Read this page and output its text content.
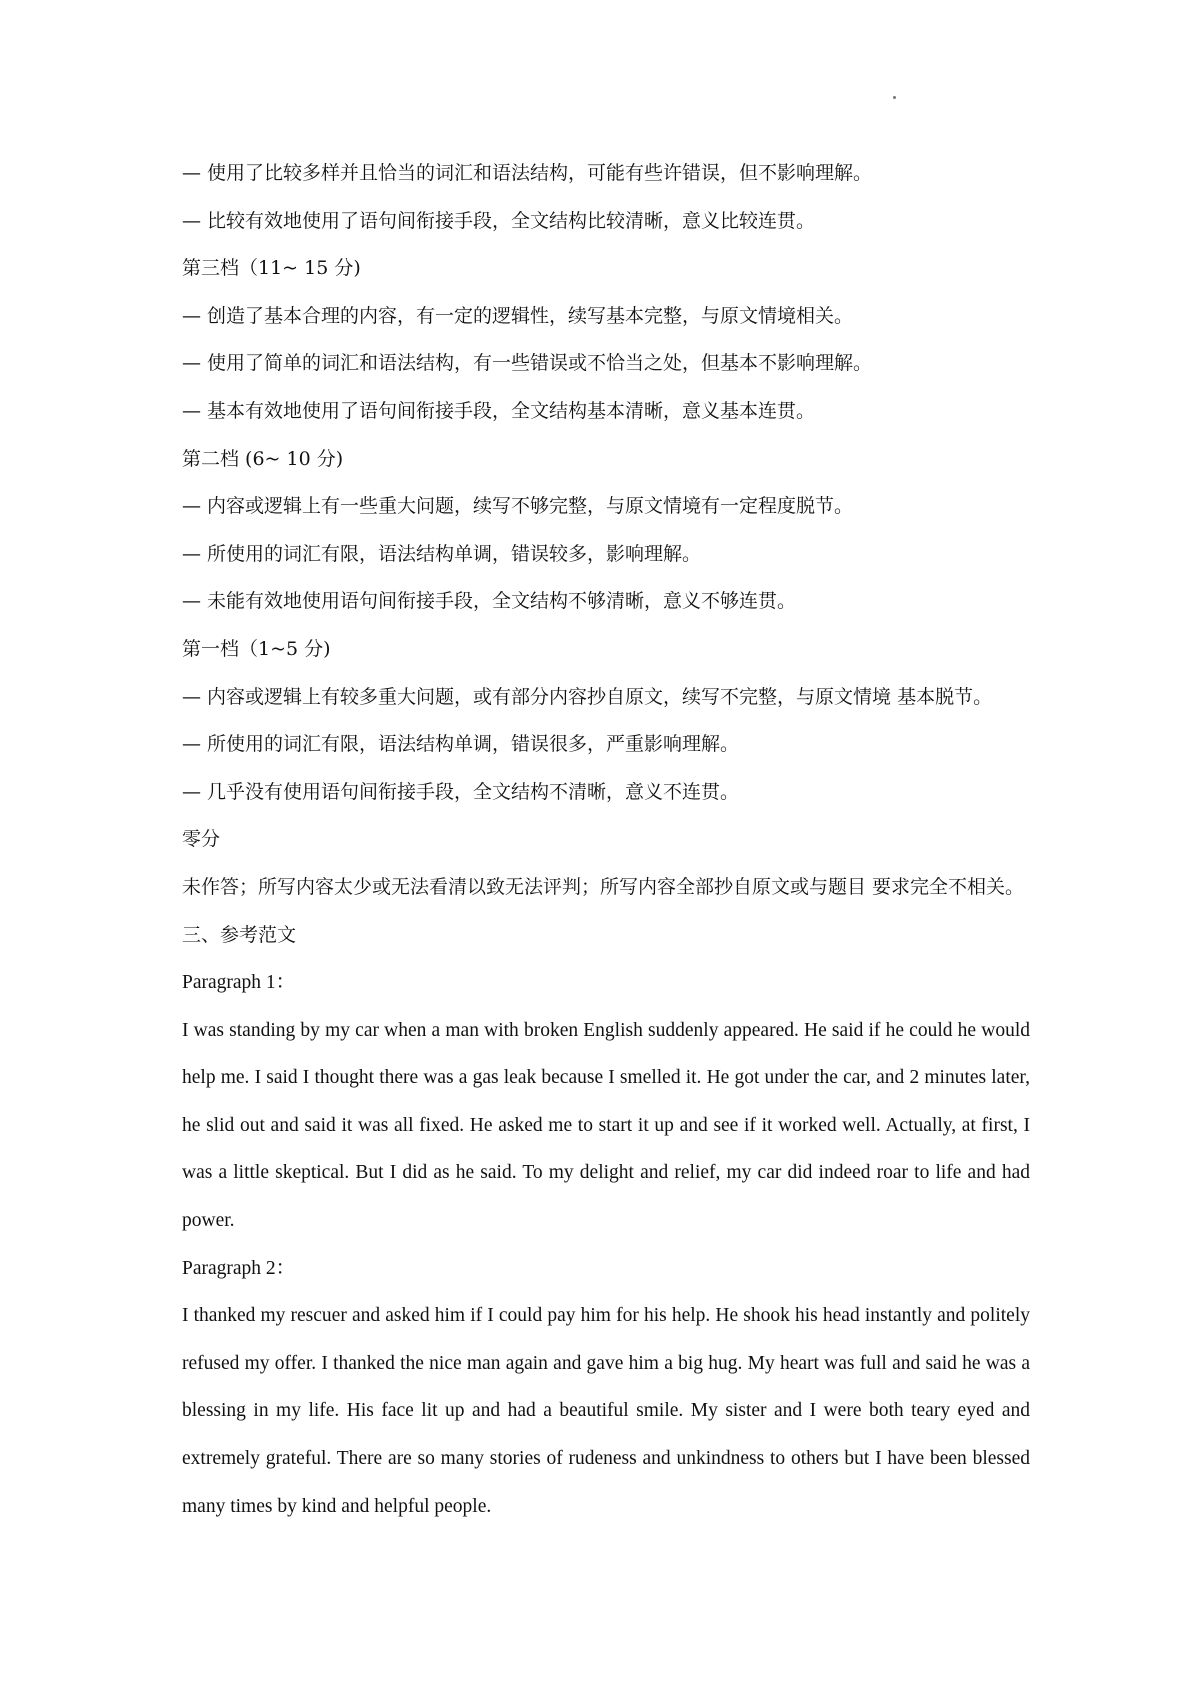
— 使用了比较多样并且恰当的词汇和语法结构，可能有些许错误，但不影响理解。
— 比较有效地使用了语句间衔接手段，全文结构比较清晰，意义比较连贯。
第三档（11~ 15 分)
— 创造了基本合理的内容，有一定的逻辑性，续写基本完整，与原文情境相关。
— 使用了简单的词汇和语法结构，有一些错误或不恰当之处，但基本不影响理解。
— 基本有效地使用了语句间衔接手段，全文结构基本清晰，意义基本连贯。
第二档 (6~ 10 分)
— 内容或逻辑上有一些重大问题，续写不够完整，与原文情境有一定程度脱节。
— 所使用的词汇有限，语法结构单调，错误较多，影响理解。
— 未能有效地使用语句间衔接手段，全文结构不够清晰，意义不够连贯。
第一档（1~5 分)
— 内容或逻辑上有较多重大问题，或有部分内容抄自原文，续写不完整，与原文情境 基本脱节。
— 所使用的词汇有限，语法结构单调，错误很多，严重影响理解。
— 几乎没有使用语句间衔接手段，全文结构不清晰，意义不连贯。
零分
未作答；所写内容太少或无法看清以致无法评判；所写内容全部抄自原文或与题目 要求完全不相关。
三、参考范文
Paragraph 1：
I was standing by my car when a man with broken English suddenly appeared. He said if he could he would help me. I said I thought there was a gas leak because I smelled it. He got under the car, and 2 minutes later, he slid out and said it was all fixed. He asked me to start it up and see if it worked well. Actually, at first, I was a little skeptical. But I did as he said. To my delight and relief, my car did indeed roar to life and had power.
Paragraph 2：
I thanked my rescuer and asked him if I could pay him for his help. He shook his head instantly and politely refused my offer. I thanked the nice man again and gave him a big hug. My heart was full and said he was a blessing in my life. His face lit up and had a beautiful smile. My sister and I were both teary eyed and extremely grateful. There are so many stories of rudeness and unkindness to others but I have been blessed many times by kind and helpful people.
